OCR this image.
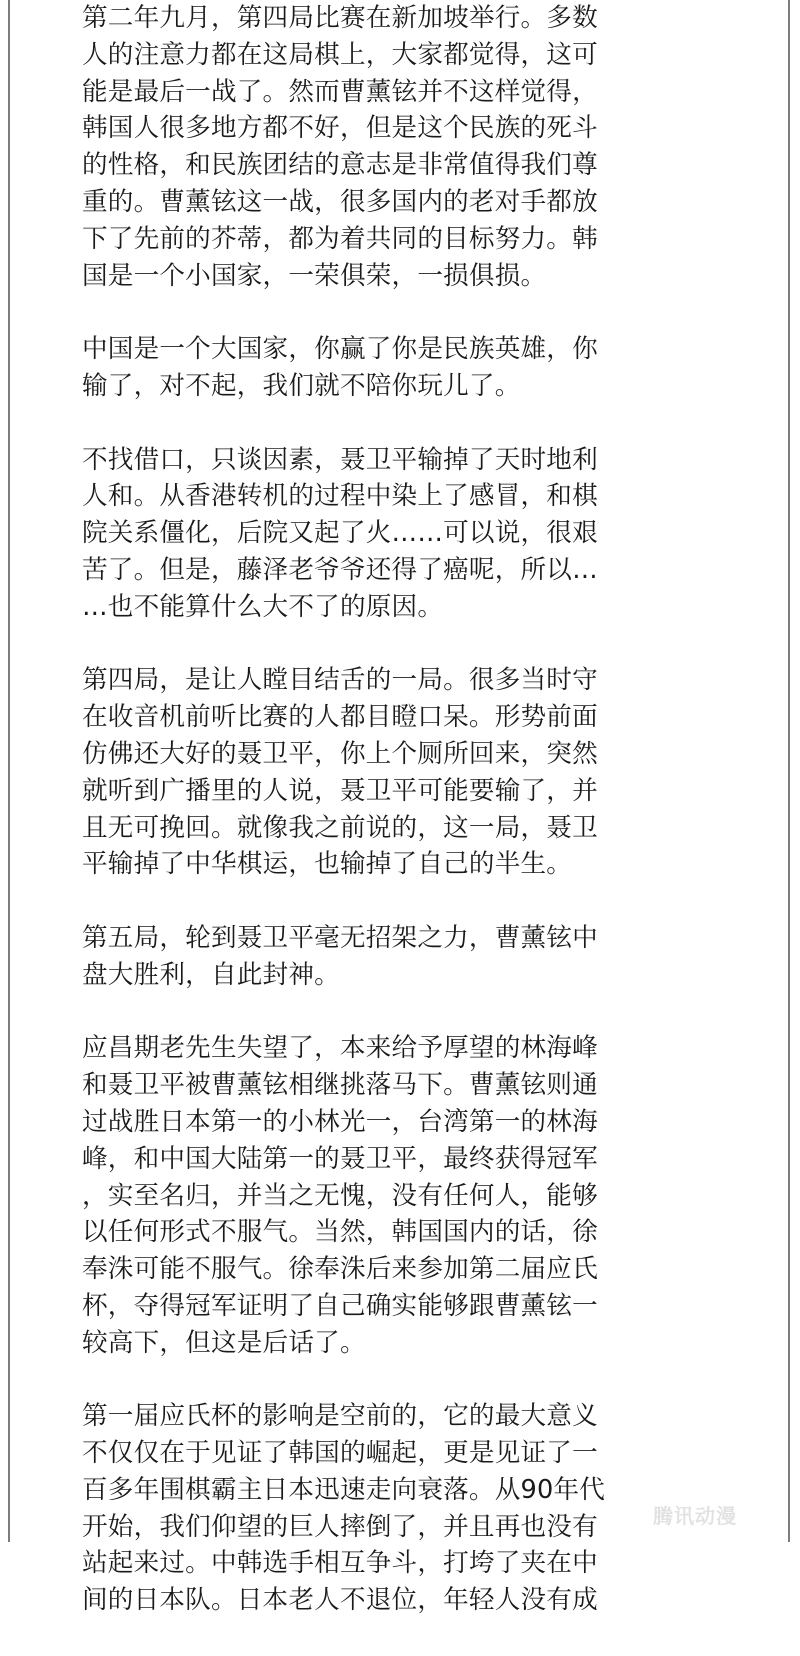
第二年九月，第四局比赛在新加坡举行。多数
人的注意力都在这局棋上，大家都觉得，这可
能是最后一战了。然而曹薰铉并不这样觉得，
韩国人很多地方都不好，但是这个民族的死斗
的性格，和民族团结的意志是非常值得我们尊
重的。曹薰铉这一战，很多国内的老对手都放
下了先前的芥蒂，都为着共同的目标努力。韩
国是一个小国家，一荣俱荣，一损俱损。

中国是一个大国家，你赢了你是民族英雄，你
输了，对不起，我们就不陪你玩儿了。

不找借口，只谈因素，聂卫平输掉了天时地利
人和。从香港转机的过程中染上了感冒，和棋
院关系僵化，后院又起了火……可以说，很艰
苦了。但是，藤泽老爷爷还得了癌呢，所以…
…也不能算什么大不了的原因。

第四局，是让人瞠目结舌的一局。很多当时守
在收音机前听比赛的人都目瞪口呆。形势前面
仿佛还大好的聂卫平，你上个厕所回来，突然
就听到广播里的人说，聂卫平可能要输了，并
且无可挽回。就像我之前说的，这一局，聂卫
平输掉了中华棋运，也输掉了自己的半生。

第五局，轮到聂卫平毫无招架之力，曹薰铉中
盘大胜利，自此封神。

应昌期老先生失望了，本来给予厚望的林海峰
和聂卫平被曹薰铉相继挑落马下。曹薰铉则通
过战胜日本第一的小林光一，台湾第一的林海
峰，和中国大陆第一的聂卫平，最终获得冠军
，实至名归，并当之无愧，没有任何人，能够
以任何形式不服气。当然，韩国国内的话，徐
奉洙可能不服气。徐奉洙后来参加第二届应氏
杯，夺得冠军证明了自己确实能够跟曹薰铉一
较高下，但这是后话了。

第一届应氏杯的影响是空前的，它的最大意义
不仅仅在于见证了韩国的崛起，更是见证了一
百多年围棋霸主日本迅速走向衰落。从90年代
开始，我们仰望的巨人摔倒了，并且再也没有
站起来过。中韩选手相互争斗，打垮了夹在中
间的日本队。日本老人不退位，年轻人没有成

腾讯动漫
